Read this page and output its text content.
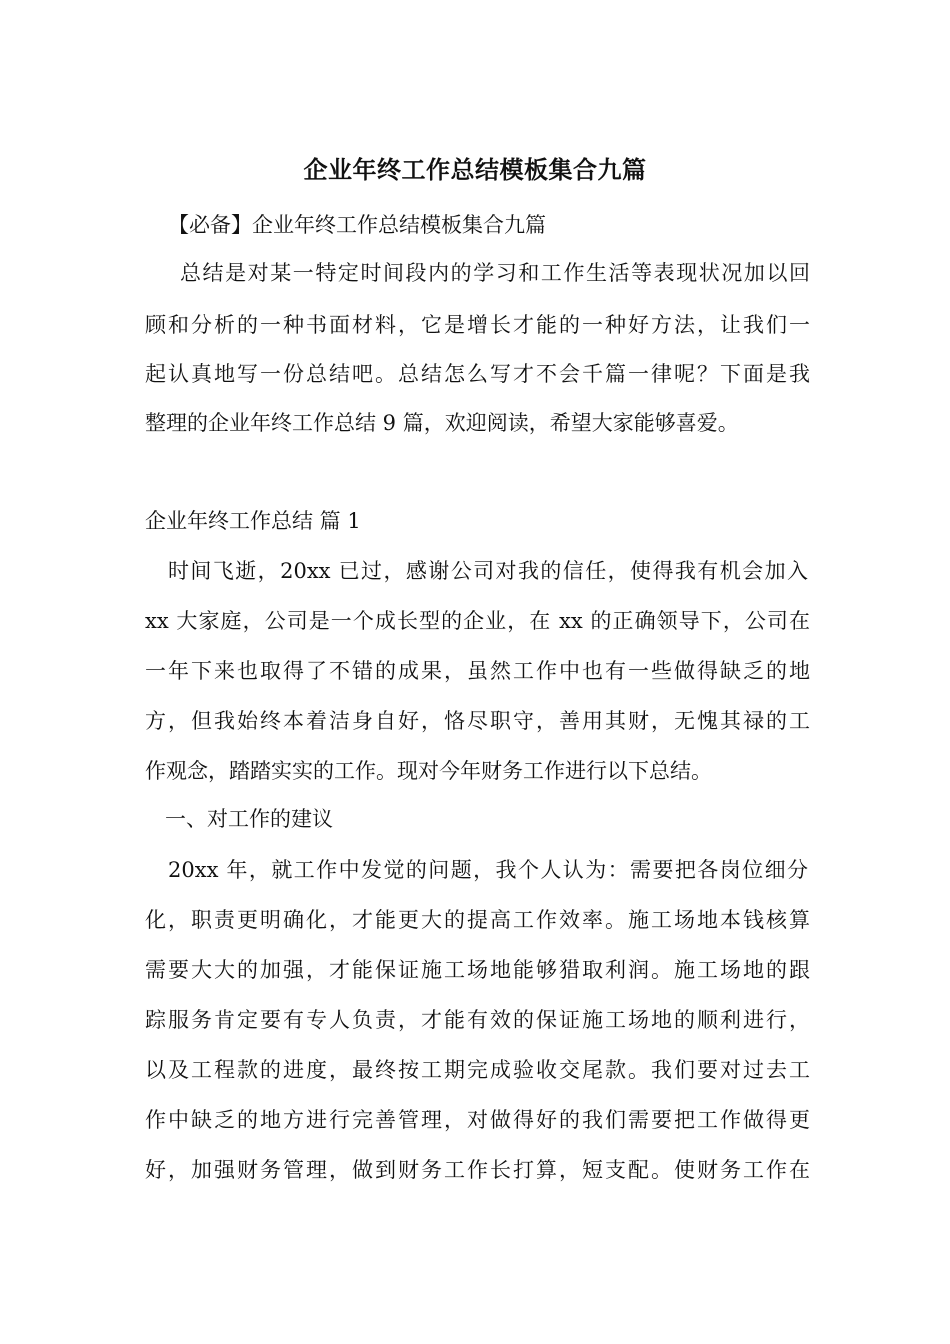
企业年终工作总结模板集合九篇
【必备】企业年终工作总结模板集合九篇
总结是对某一特定时间段内的学习和工作生活等表现状况加以回
顾和分析的一种书面材料，它是增长才能的一种好方法，让我们一
起认真地写一份总结吧。总结怎么写才不会千篇一律呢？下面是我
整理的企业年终工作总结 9 篇，欢迎阅读，希望大家能够喜爱。
企业年终工作总结 篇 1
时间飞逝，20xx 已过，感谢公司对我的信任，使得我有机会加入
xx 大家庭，公司是一个成长型的企业，在 xx 的正确领导下，公司在
一年下来也取得了不错的成果，虽然工作中也有一些做得缺乏的地
方，但我始终本着洁身自好，恪尽职守，善用其财，无愧其禄的工
作观念，踏踏实实的工作。现对今年财务工作进行以下总结。
一、对工作的建议
20xx 年，就工作中发觉的问题，我个人认为：需要把各岗位细分
化，职责更明确化，才能更大的提高工作效率。施工场地本钱核算
需要大大的加强，才能保证施工场地能够猎取利润。施工场地的跟
踪服务肯定要有专人负责，才能有效的保证施工场地的顺利进行，
以及工程款的进度，最终按工期完成验收交尾款。我们要对过去工
作中缺乏的地方进行完善管理，对做得好的我们需要把工作做得更
好，加强财务管理，做到财务工作长打算，短支配。使财务工作在
